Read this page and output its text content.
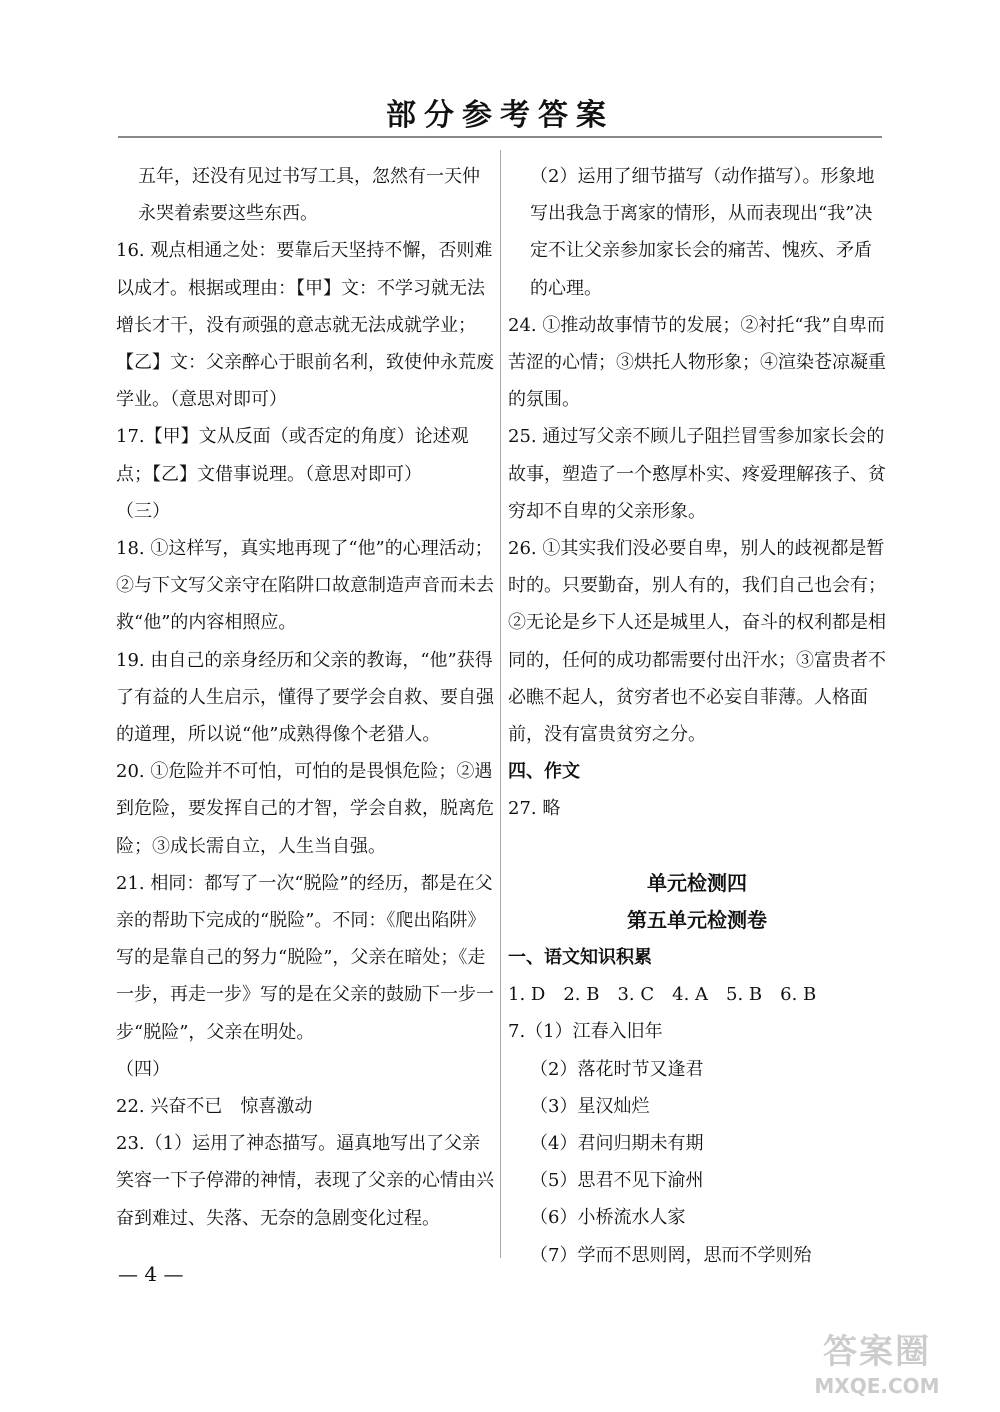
部分参考答案
五年，还没有见过书写工具，忽然有一天仲永哭着索要这些东西。
16. 观点相通之处：要靠后天坚持不懈，否则难以成才。根据或理由：【甲】文：不学习就无法增长才干，没有顽强的意志就无法成就学业；【乙】文：父亲醉心于眼前名利，致使仲永荒废学业。（意思对即可）
17.【甲】文从反面（或否定的角度）论述观点；【乙】文借事说理。（意思对即可）
（三）
18. ①这样写，真实地再现了“他”的心理活动；②与下文写父亲守在陷阱口故意制造声音而未去救“他”的内容相照应。
19. 由自己的亲身经历和父亲的教诲，“他”获得了有益的人生启示，懂得了要学会自救、要自强的道理，所以说“他”成熟得像个老猎人。
20. ①危险并不可怕，可怕的是畏惧危险；②遇到危险，要发挥自己的才智，学会自救，脱离危险；③成长需自立，人生当自强。
21. 相同：都写了一次“脱险”的经历，都是在父亲的帮助下完成的“脱险”。不同：《爬出陷阱》写的是靠自己的努力“脱险”，父亲在暗处；《走一步，再走一步》写的是在父亲的鼓励下一步一步“脱险”，父亲在明处。
（四）
22. 兴奋不已　惊喜激动
23.（1）运用了神态描写。逼真地写出了父亲笑容一下子停滞的神情，表现了父亲的心情由兴奋到难过、失落、无奈的急剧变化过程。
（2）运用了细节描写（动作描写）。形象地写出我急于离家的情形，从而表现出“我”决定不让父亲参加家长会的痛苦、愧疚、矛盾的心理。
24. ①推动故事情节的发展；②衬托“我”自卑而苦涩的心情；③烘托人物形象；④渲染苍凉凝重的氛围。
25. 通过写父亲不顾儿子阻拦冒雪参加家长会的故事，塑造了一个憨厚朴实、疼爱理解孩子、贫穷却不自卑的父亲形象。
26. ①其实我们没必要自卑，别人的歧视都是暂时的。只要勤奋，别人有的，我们自己也会有；②无论是乡下人还是城里人，奋斗的权利都是相同的，任何的成功都需要付出汗水；③富贵者不必瞧不起人，贫穷者也不必妄自菲薄。人格面前，没有富贵贫穷之分。
四、作文
27. 略
单元检测四
第五单元检测卷
一、语文知识积累
1. D　2. B　3. C　4. A　5. B　6. B
7.（1）江春入旧年
（2）落花时节又逢君
（3）星汉灿烂
（4）君问归期未有期
（5）思君不见下渝州
（6）小桥流水人家
（7）学而不思则罔，思而不学则殆
— 4 —
答案圈
MXQE.COM
